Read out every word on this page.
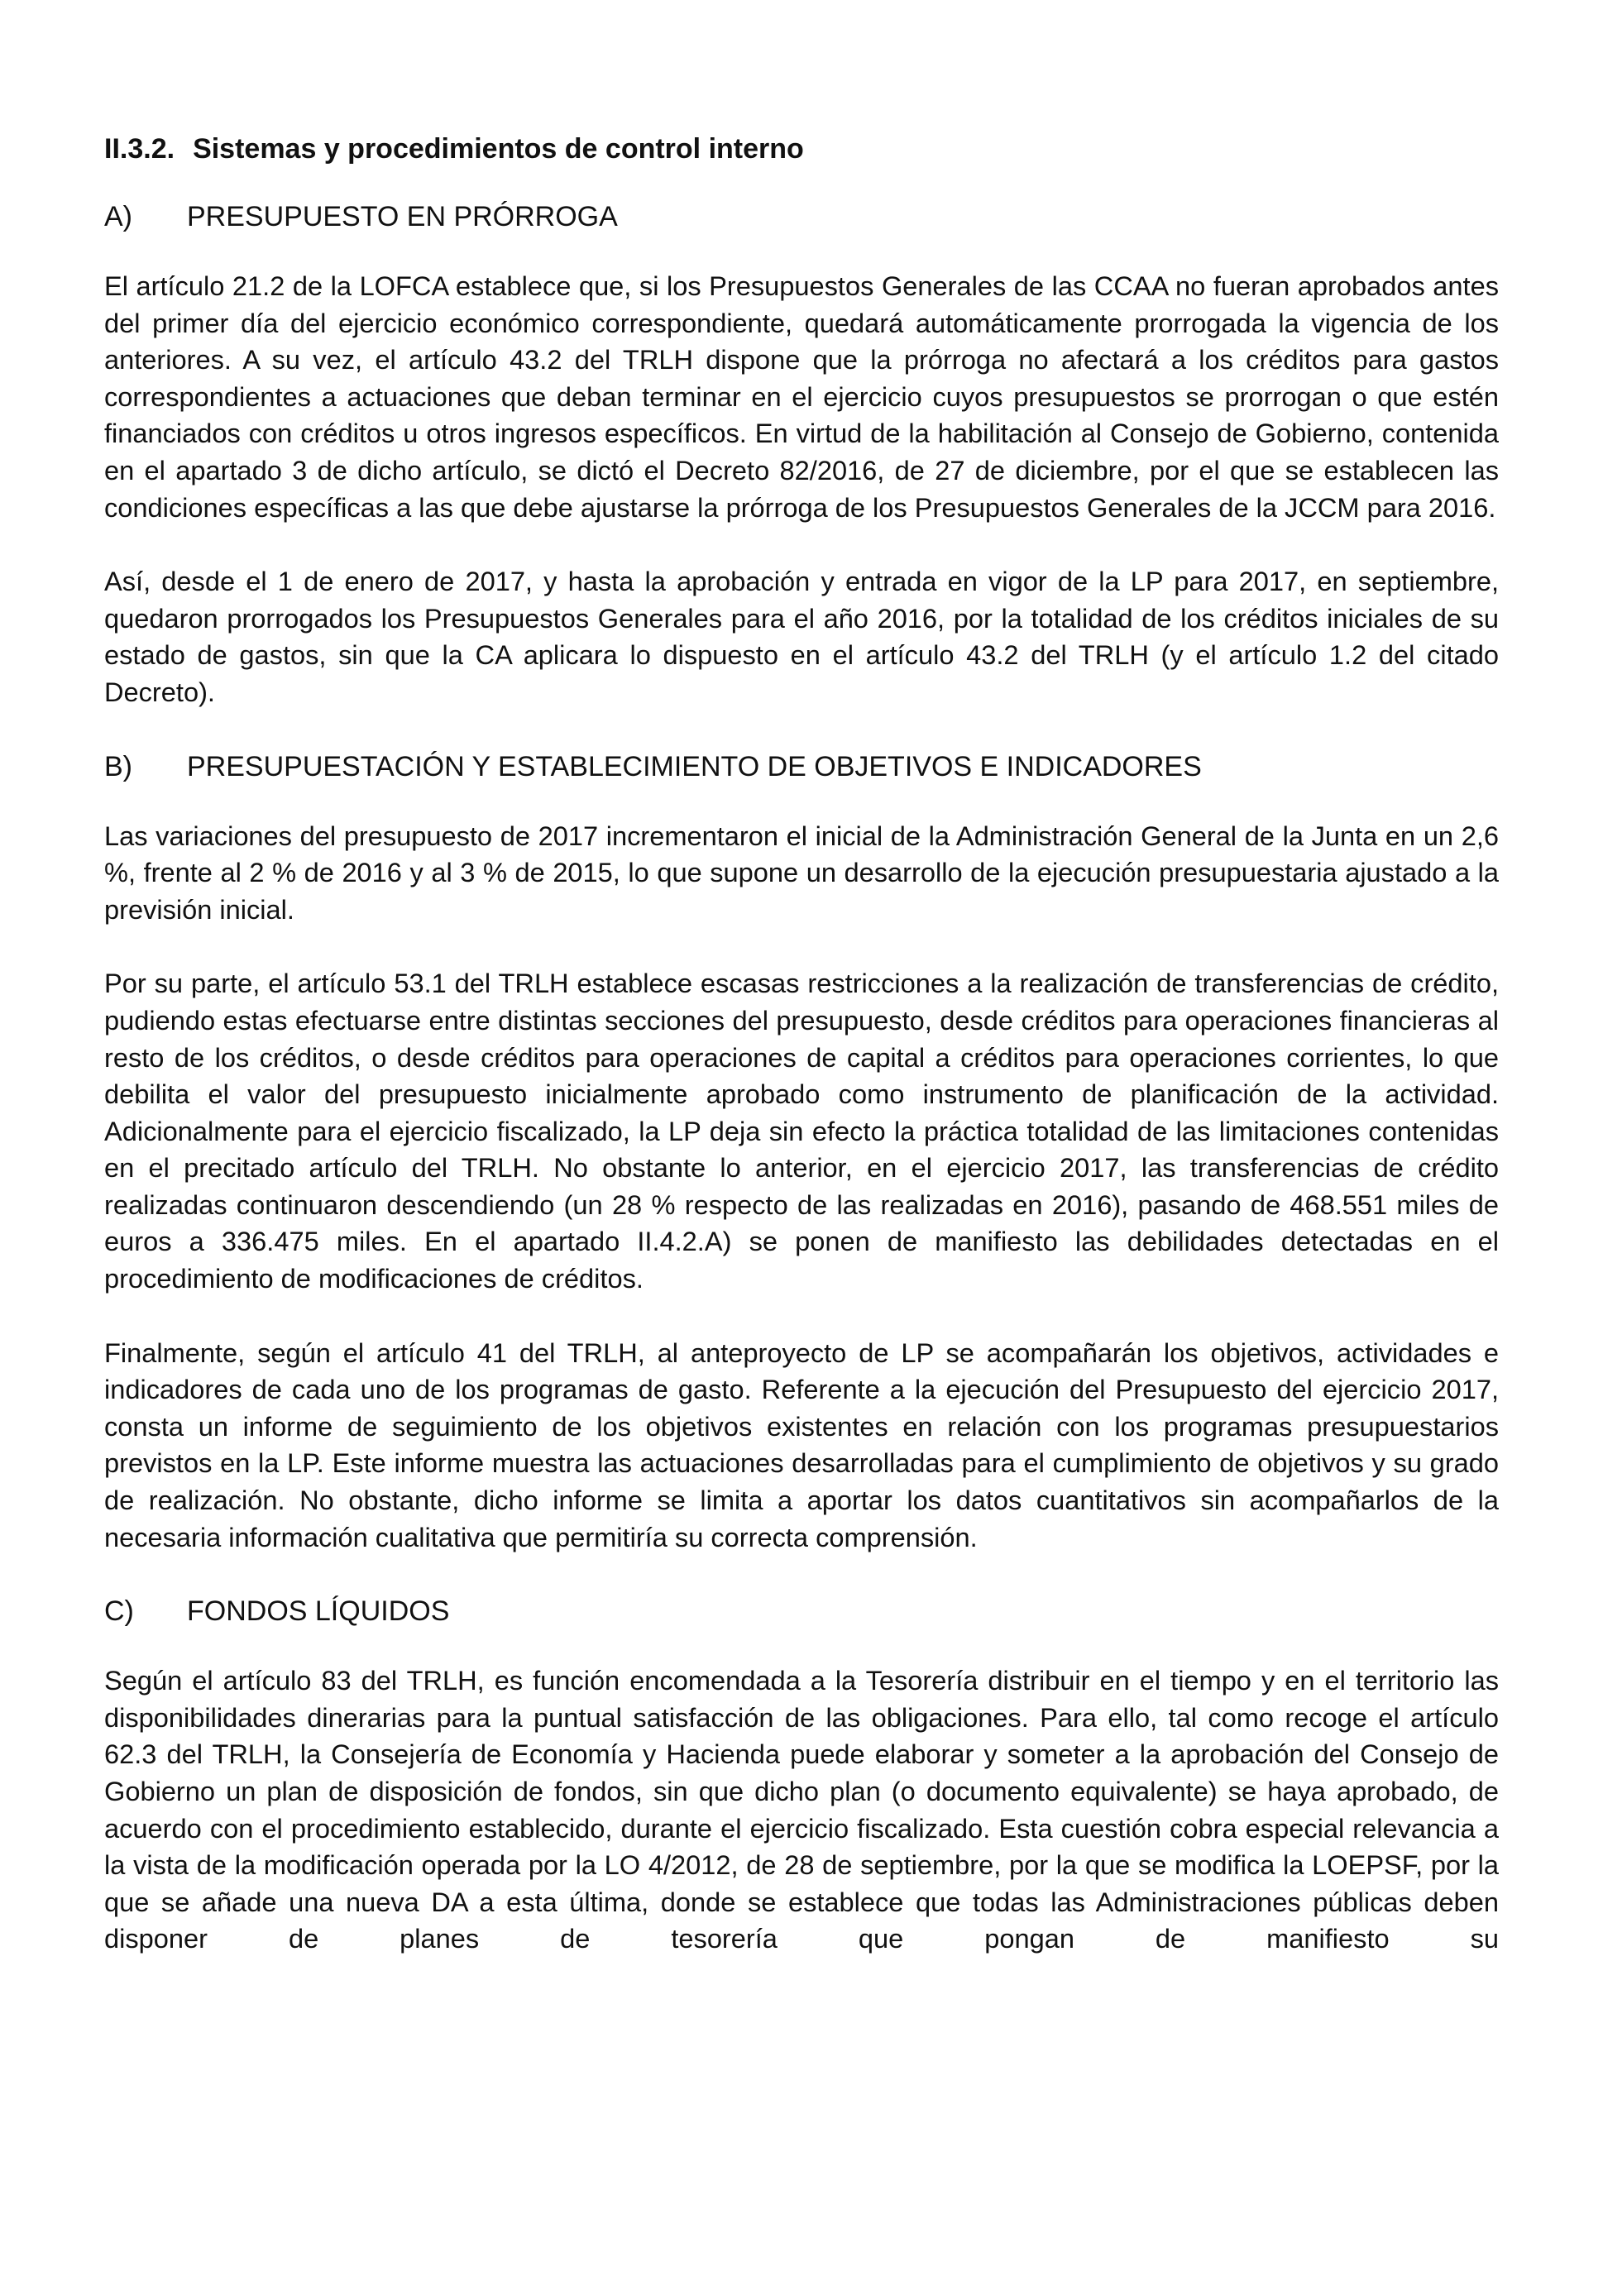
II.3.2. Sistemas y procedimientos de control interno
A)	PRESUPUESTO EN PRÓRROGA

El artículo 21.2 de la LOFCA establece que, si los Presupuestos Generales de las CCAA no fueran aprobados antes del primer día del ejercicio económico correspondiente, quedará automáticamente prorrogada la vigencia de los anteriores. A su vez, el artículo 43.2 del TRLH dispone que la prórroga no afectará a los créditos para gastos correspondientes a actuaciones que deban terminar en el ejercicio cuyos presupuestos se prorrogan o que estén financiados con créditos u otros ingresos específicos. En virtud de la habilitación al Consejo de Gobierno, contenida en el apartado 3 de dicho artículo, se dictó el Decreto 82/2016, de 27 de diciembre, por el que se establecen las condiciones específicas a las que debe ajustarse la prórroga de los Presupuestos Generales de la JCCM para 2016.

Así, desde el 1 de enero de 2017, y hasta la aprobación y entrada en vigor de la LP para 2017, en septiembre, quedaron prorrogados los Presupuestos Generales para el año 2016, por la totalidad de los créditos iniciales de su estado de gastos, sin que la CA aplicara lo dispuesto en el artículo 43.2 del TRLH (y el artículo 1.2 del citado Decreto).

B)	PRESUPUESTACIÓN Y ESTABLECIMIENTO DE OBJETIVOS E INDICADORES

Las variaciones del presupuesto de 2017 incrementaron el inicial de la Administración General de la Junta en un 2,6 %, frente al 2 % de 2016 y al 3 % de 2015, lo que supone un desarrollo de la ejecución presupuestaria ajustado a la previsión inicial.

Por su parte, el artículo 53.1 del TRLH establece escasas restricciones a la realización de transferencias de crédito, pudiendo estas efectuarse entre distintas secciones del presupuesto, desde créditos para operaciones financieras al resto de los créditos, o desde créditos para operaciones de capital a créditos para operaciones corrientes, lo que debilita el valor del presupuesto inicialmente aprobado como instrumento de planificación de la actividad. Adicionalmente para el ejercicio fiscalizado, la LP deja sin efecto la práctica totalidad de las limitaciones contenidas en el precitado artículo del TRLH. No obstante lo anterior, en el ejercicio 2017, las transferencias de crédito realizadas continuaron descendiendo (un 28 % respecto de las realizadas en 2016), pasando de 468.551 miles de euros a 336.475 miles. En el apartado II.4.2.A) se ponen de manifiesto las debilidades detectadas en el procedimiento de modificaciones de créditos.

Finalmente, según el artículo 41 del TRLH, al anteproyecto de LP se acompañarán los objetivos, actividades e indicadores de cada uno de los programas de gasto. Referente a la ejecución del Presupuesto del ejercicio 2017, consta un informe de seguimiento de los objetivos existentes en relación con los programas presupuestarios previstos en la LP. Este informe muestra las actuaciones desarrolladas para el cumplimiento de objetivos y su grado de realización. No obstante, dicho informe se limita a aportar los datos cuantitativos sin acompañarlos de la necesaria información cualitativa que permitiría su correcta comprensión.

C)	FONDOS LÍQUIDOS

Según el artículo 83 del TRLH, es función encomendada a la Tesorería distribuir en el tiempo y en el territorio las disponibilidades dinerarias para la puntual satisfacción de las obligaciones. Para ello, tal como recoge el artículo 62.3 del TRLH, la Consejería de Economía y Hacienda puede elaborar y someter a la aprobación del Consejo de Gobierno un plan de disposición de fondos, sin que dicho plan (o documento equivalente) se haya aprobado, de acuerdo con el procedimiento establecido, durante el ejercicio fiscalizado. Esta cuestión cobra especial relevancia a la vista de la modificación operada por la LO 4/2012, de 28 de septiembre, por la que se modifica la LOEPSF, por la que se añade una nueva DA a esta última, donde se establece que todas las Administraciones públicas deben disponer de planes de tesorería que pongan de manifiesto su
